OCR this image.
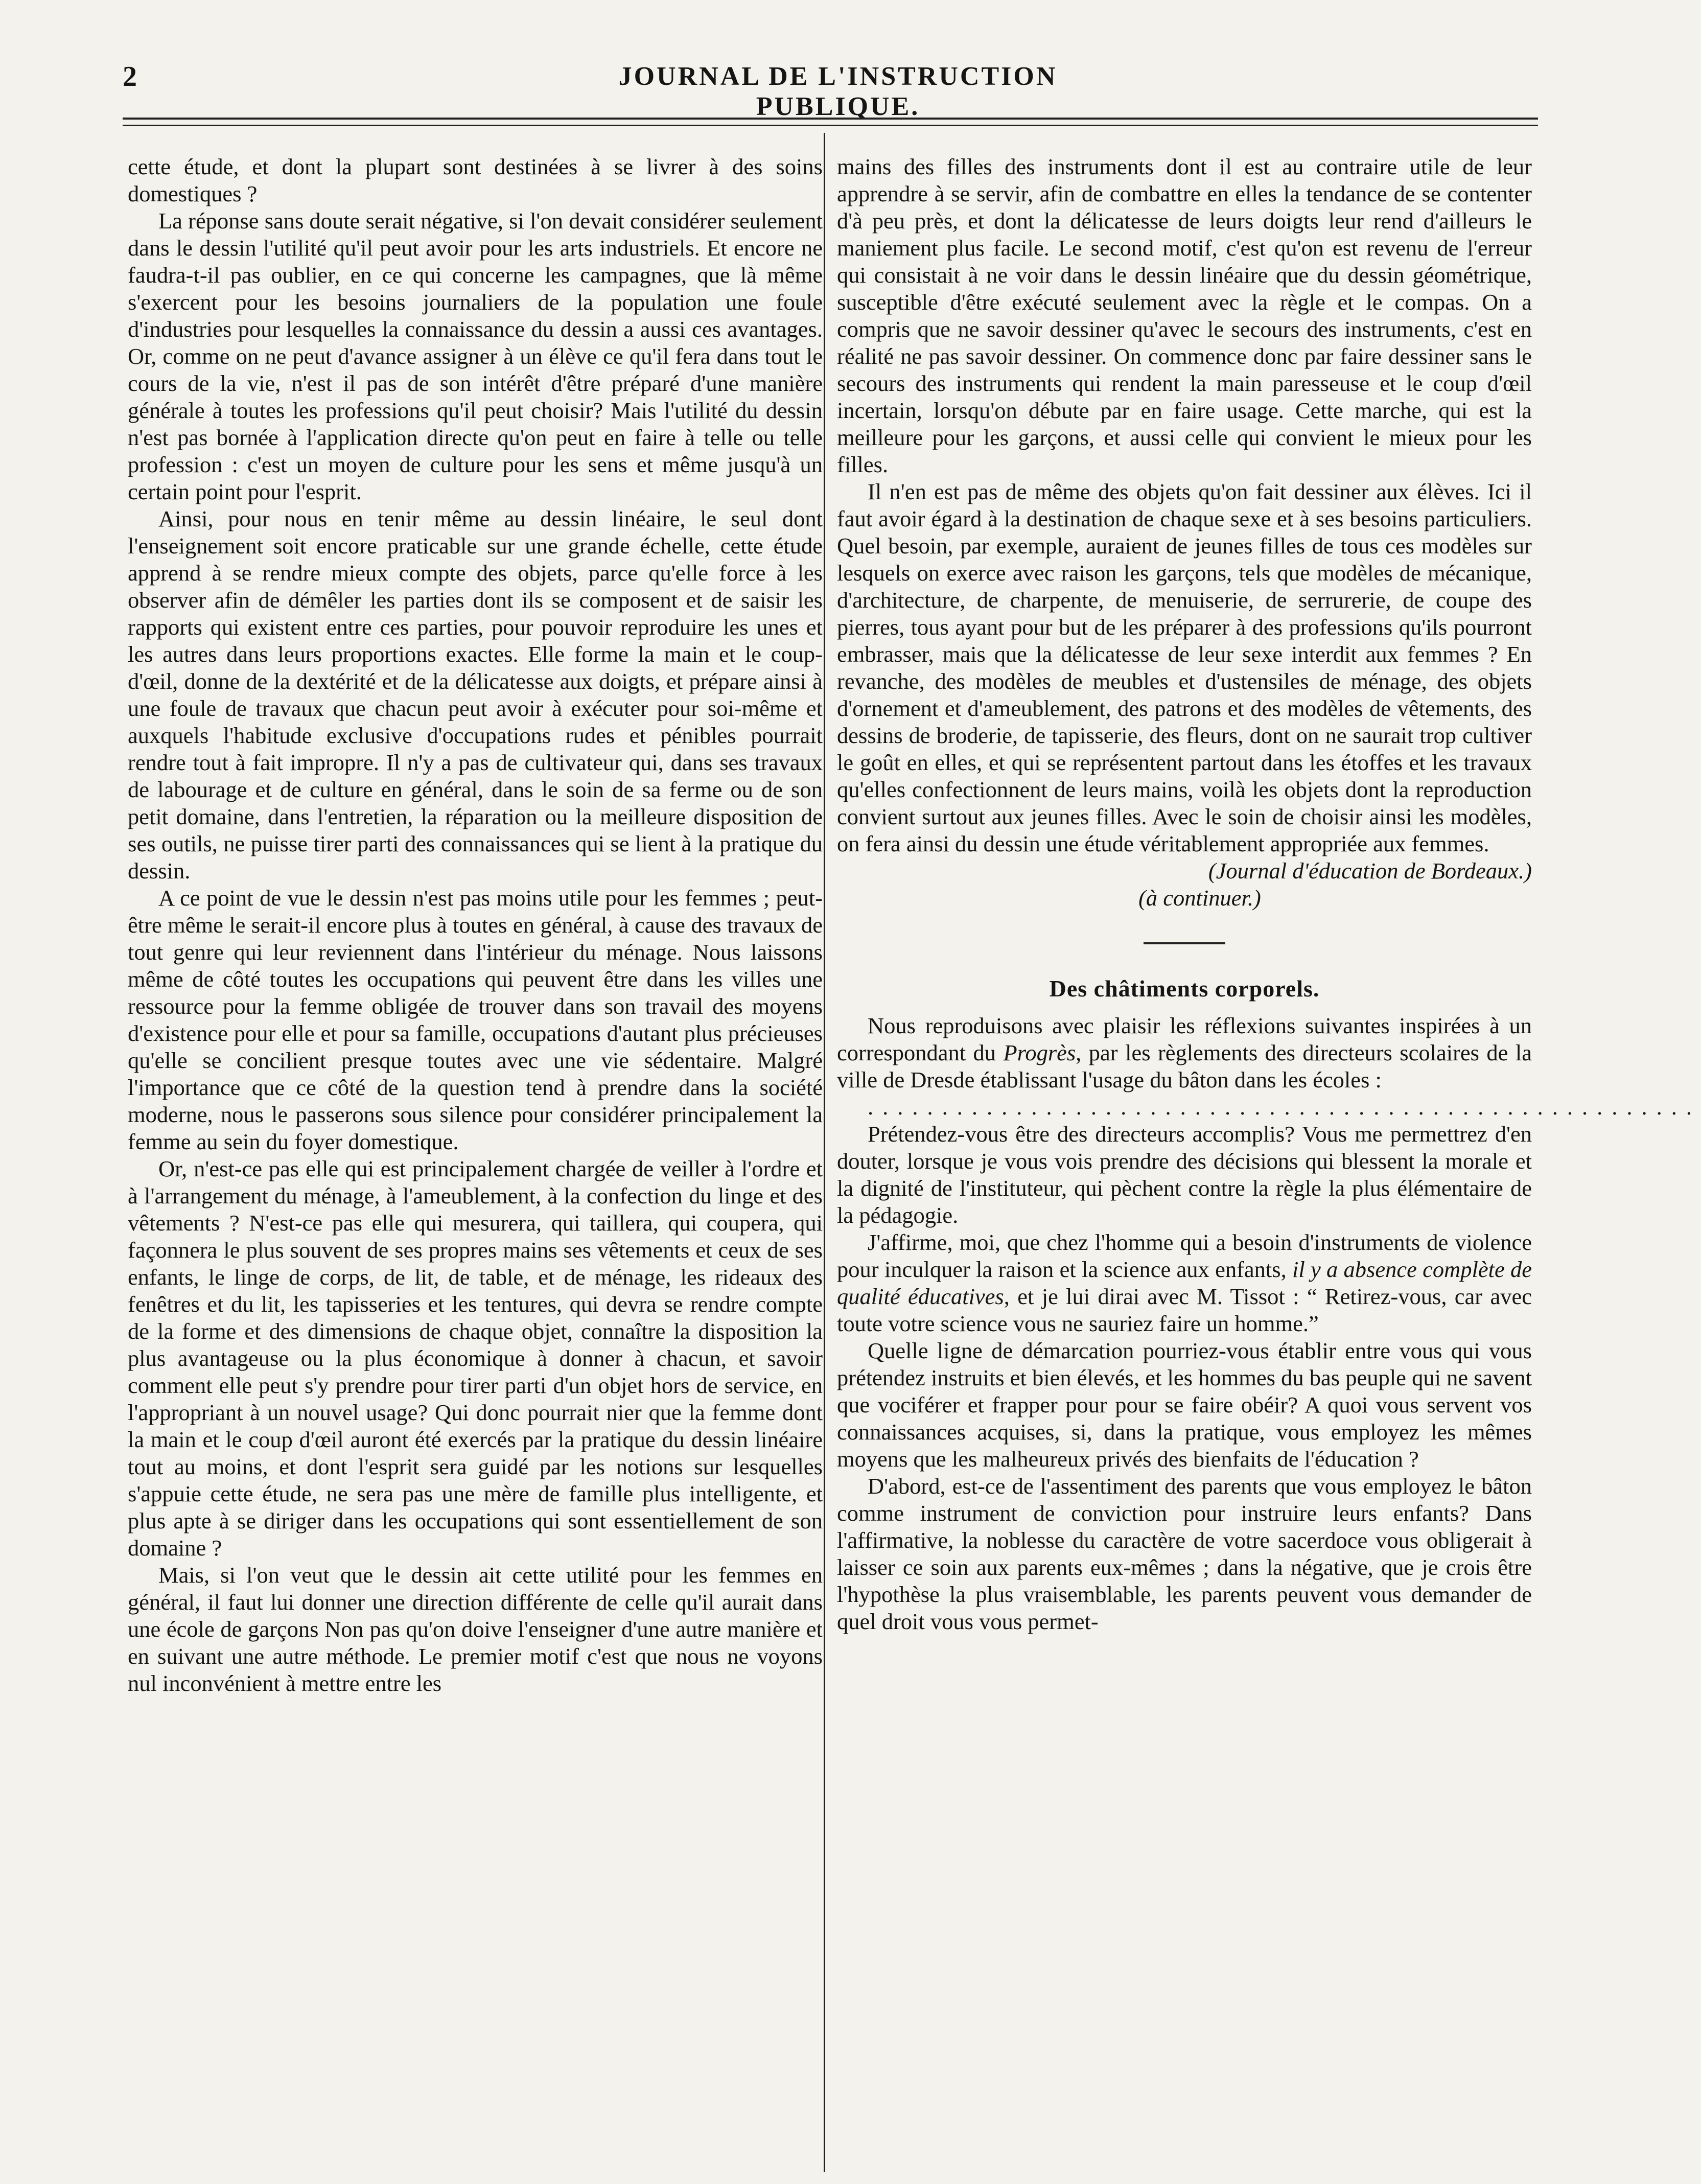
2	JOURNAL DE L'INSTRUCTION PUBLIQUE.

cette étude, et dont la plupart sont destinées à se livrer à des soins domestiques ?

La réponse sans doute serait négative, si l'on devait considérer seulement dans le dessin l'utilité qu'il peut avoir pour les arts industriels. Et encore ne faudra-t-il pas oublier, en ce qui concerne les campagnes, que là même s'exercent pour les besoins journaliers de la population une foule d'industries pour lesquelles la connaissance du dessin a aussi ces avantages. Or, comme on ne peut d'avance assigner à un élève ce qu'il fera dans tout le cours de la vie, n'est il pas de son intérêt d'être préparé d'une manière générale à toutes les professions qu'il peut choisir? Mais l'utilité du dessin n'est pas bornée à l'application directe qu'on peut en faire à telle ou telle profession : c'est un moyen de culture pour les sens et même jusqu'à un certain point pour l'esprit.

Ainsi, pour nous en tenir même au dessin linéaire, le seul dont l'enseignement soit encore praticable sur une grande échelle, cette étude apprend à se rendre mieux compte des objets, parce qu'elle force à les observer afin de démêler les parties dont ils se composent et de saisir les rapports qui existent entre ces parties, pour pouvoir reproduire les unes et les autres dans leurs proportions exactes. Elle forme la main et le coup-d'œil, donne de la dextérité et de la délicatesse aux doigts, et prépare ainsi à une foule de travaux que chacun peut avoir à exécuter pour soi-même et auxquels l'habitude exclusive d'occupations rudes et pénibles pourrait rendre tout à fait impropre. Il n'y a pas de cultivateur qui, dans ses travaux de labourage et de culture en général, dans le soin de sa ferme ou de son petit domaine, dans l'entretien, la réparation ou la meilleure disposition de ses outils, ne puisse tirer parti des connaissances qui se lient à la pratique du dessin.

A ce point de vue le dessin n'est pas moins utile pour les femmes ; peut-être même le serait-il encore plus à toutes en général, à cause des travaux de tout genre qui leur reviennent dans l'intérieur du ménage. Nous laissons même de côté toutes les occupations qui peuvent être dans les villes une ressource pour la femme obligée de trouver dans son travail des moyens d'existence pour elle et pour sa famille, occupations d'autant plus précieuses qu'elle se concilient presque toutes avec une vie sédentaire. Malgré l'importance que ce côté de la question tend à prendre dans la société moderne, nous le passerons sous silence pour considérer principalement la femme au sein du foyer domestique.

Or, n'est-ce pas elle qui est principalement chargée de veiller à l'ordre et à l'arrangement du ménage, à l'ameublement, à la confection du linge et des vêtements ? N'est-ce pas elle qui mesurera, qui taillera, qui coupera, qui façonnera le plus souvent de ses propres mains ses vêtements et ceux de ses enfants, le linge de corps, de lit, de table, et de ménage, les rideaux des fenêtres et du lit, les tapisseries et les tentures, qui devra se rendre compte de la forme et des dimensions de chaque objet, connaître la disposition la plus avantageuse ou la plus économique à donner à chacun, et savoir comment elle peut s'y prendre pour tirer parti d'un objet hors de service, en l'appropriant à un nouvel usage? Qui donc pourrait nier que la femme dont la main et le coup d'œil auront été exercés par la pratique du dessin linéaire tout au moins, et dont l'esprit sera guidé par les notions sur lesquelles s'appuie cette étude, ne sera pas une mère de famille plus intelligente, et plus apte à se diriger dans les occupations qui sont essentiellement de son domaine ?

Mais, si l'on veut que le dessin ait cette utilité pour les femmes en général, il faut lui donner une direction différente de celle qu'il aurait dans une école de garçons Non pas qu'on doive l'enseigner d'une autre manière et en suivant une autre méthode. Le premier motif c'est que nous ne voyons nul inconvénient à mettre entre les

mains des filles des instruments dont il est au contraire utile de leur apprendre à se servir, afin de combattre en elles la tendance de se contenter d'à peu près, et dont la délicatesse de leurs doigts leur rend d'ailleurs le maniement plus facile. Le second motif, c'est qu'on est revenu de l'erreur qui consistait à ne voir dans le dessin linéaire que du dessin géométrique, susceptible d'être exécuté seulement avec la règle et le compas. On a compris que ne savoir dessiner qu'avec le secours des instruments, c'est en réalité ne pas savoir dessiner. On commence donc par faire dessiner sans le secours des instruments qui rendent la main paresseuse et le coup d'œil incertain, lorsqu'on débute par en faire usage. Cette marche, qui est la meilleure pour les garçons, et aussi celle qui convient le mieux pour les filles.

Il n'en est pas de même des objets qu'on fait dessiner aux élèves. Ici il faut avoir égard à la destination de chaque sexe et à ses besoins particuliers. Quel besoin, par exemple, auraient de jeunes filles de tous ces modèles sur lesquels on exerce avec raison les garçons, tels que modèles de mécanique, d'architecture, de charpente, de menuiserie, de serrurerie, de coupe des pierres, tous ayant pour but de les préparer à des professions qu'ils pourront embrasser, mais que la délicatesse de leur sexe interdit aux femmes ? En revanche, des modèles de meubles et d'ustensiles de ménage, des objets d'ornement et d'ameublement, des patrons et des modèles de vêtements, des dessins de broderie, de tapisserie, des fleurs, dont on ne saurait trop cultiver le goût en elles, et qui se représentent partout dans les étoffes et les travaux qu'elles confectionnent de leurs mains, voilà les objets dont la reproduction convient surtout aux jeunes filles. Avec le soin de choisir ainsi les modèles, on fera ainsi du dessin une étude véritablement appropriée aux femmes.

(Journal d'éducation de Bordeaux.)

(à continuer.)

Des châtiments corporels.

Nous reproduisons avec plaisir les réflexions suivantes inspirées à un correspondant du Progrès, par les règlements des directeurs scolaires de la ville de Dresde établissant l'usage du bâton dans les écoles :

........................................................

Prétendez-vous être des directeurs accomplis? Vous me permettrez d'en douter, lorsque je vous vois prendre des décisions qui blessent la morale et la dignité de l'instituteur, qui pèchent contre la règle la plus élémentaire de la pédagogie.

J'affirme, moi, que chez l'homme qui a besoin d'instruments de violence pour inculquer la raison et la science aux enfants, il y a absence complète de qualité éducatives, et je lui dirai avec M. Tissot : “ Retirez-vous, car avec toute votre science vous ne sauriez faire un homme.”

Quelle ligne de démarcation pourriez-vous établir entre vous qui vous prétendez instruits et bien élevés, et les hommes du bas peuple qui ne savent que vociférer et frapper pour pour se faire obéir? A quoi vous servent vos connaissances acquises, si, dans la pratique, vous employez les mêmes moyens que les malheureux privés des bienfaits de l'éducation ?

D'abord, est-ce de l'assentiment des parents que vous employez le bâton comme instrument de conviction pour instruire leurs enfants? Dans l'affirmative, la noblesse du caractère de votre sacerdoce vous obligerait à laisser ce soin aux parents eux-mêmes ; dans la négative, que je crois être l'hypothèse la plus vraisemblable, les parents peuvent vous demander de quel droit vous vous permet-
